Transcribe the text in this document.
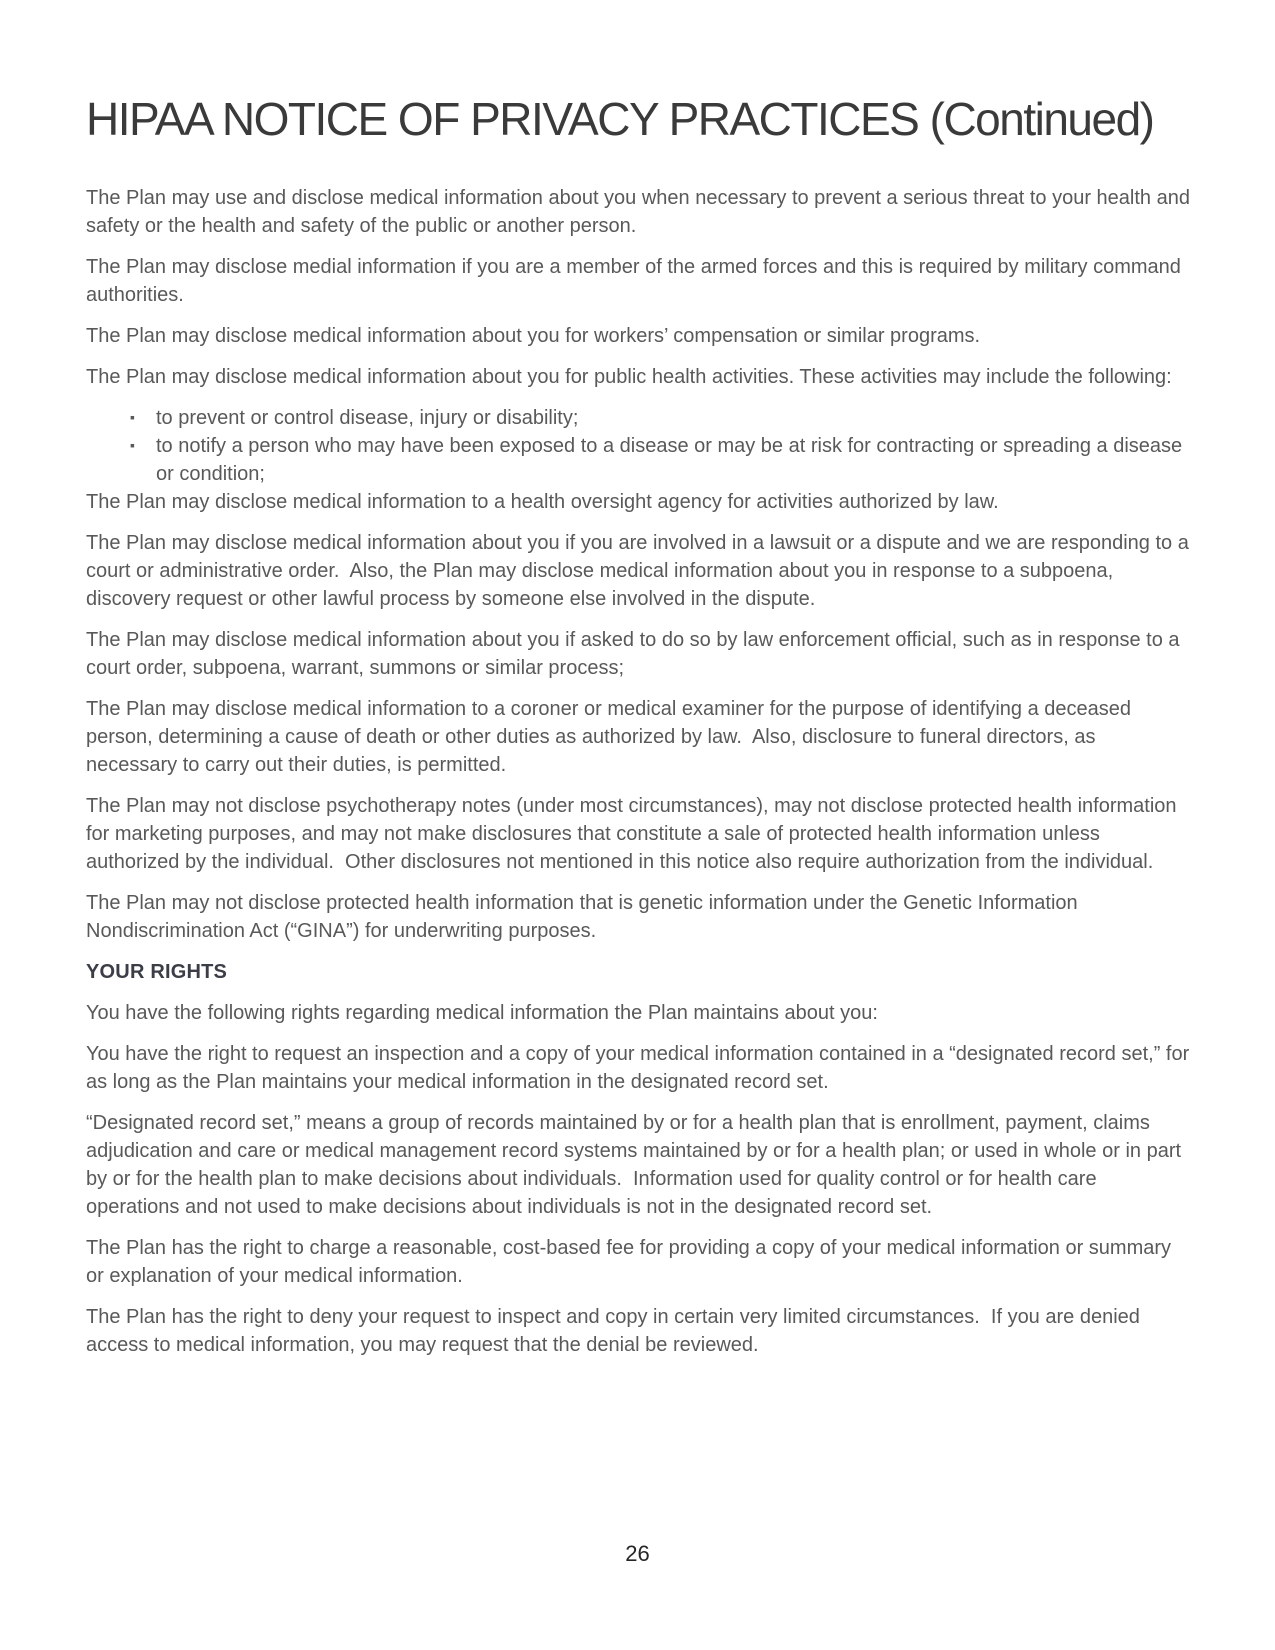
HIPAA NOTICE OF PRIVACY PRACTICES (Continued)

The Plan may use and disclose medical information about you when necessary to prevent a serious threat to your health and safety or the health and safety of the public or another person.

The Plan may disclose medial information if you are a member of the armed forces and this is required by military command authorities.

The Plan may disclose medical information about you for workers’ compensation or similar programs.

The Plan may disclose medical information about you for public health activities. These activities may include the following:

▪ to prevent or control disease, injury or disability;
▪ to notify a person who may have been exposed to a disease or may be at risk for contracting or spreading a disease or condition;

The Plan may disclose medical information to a health oversight agency for activities authorized by law.

The Plan may disclose medical information about you if you are involved in a lawsuit or a dispute and we are responding to a court or administrative order.  Also, the Plan may disclose medical information about you in response to a subpoena, discovery request or other lawful process by someone else involved in the dispute.

The Plan may disclose medical information about you if asked to do so by law enforcement official, such as in response to a court order, subpoena, warrant, summons or similar process;

The Plan may disclose medical information to a coroner or medical examiner for the purpose of identifying a deceased person, determining a cause of death or other duties as authorized by law.  Also, disclosure to funeral directors, as necessary to carry out their duties, is permitted.

The Plan may not disclose psychotherapy notes (under most circumstances), may not disclose protected health information for marketing purposes, and may not make disclosures that constitute a sale of protected health information unless authorized by the individual.  Other disclosures not mentioned in this notice also require authorization from the individual.

The Plan may not disclose protected health information that is genetic information under the Genetic Information Nondiscrimination Act (“GINA”) for underwriting purposes.

YOUR RIGHTS

You have the following rights regarding medical information the Plan maintains about you:

You have the right to request an inspection and a copy of your medical information contained in a “designated record set,” for as long as the Plan maintains your medical information in the designated record set.

“Designated record set,” means a group of records maintained by or for a health plan that is enrollment, payment, claims adjudication and care or medical management record systems maintained by or for a health plan; or used in whole or in part by or for the health plan to make decisions about individuals.  Information used for quality control or for health care operations and not used to make decisions about individuals is not in the designated record set.

The Plan has the right to charge a reasonable, cost-based fee for providing a copy of your medical information or summary or explanation of your medical information.

The Plan has the right to deny your request to inspect and copy in certain very limited circumstances.  If you are denied access to medical information, you may request that the denial be reviewed.

26
